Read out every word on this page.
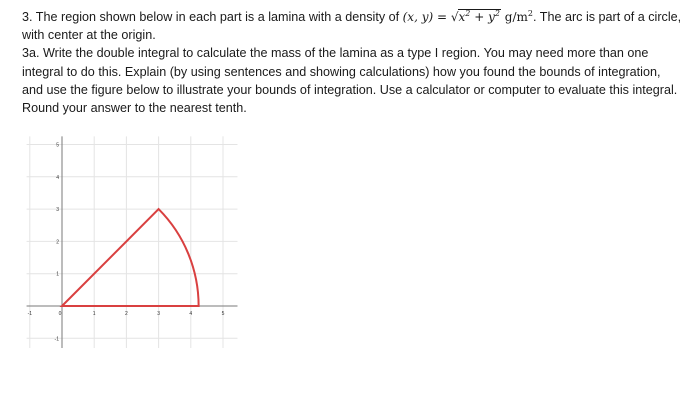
3. The region shown below in each part is a lamina with a density of (x, $y) = √x^2 + y^2$ $g/m^2$. The arc is part of a circle, with center at the origin.

3a. Write the double integral to calculate the mass of the lamina as a type I region. You may need more than one integral to do this. Explain (by using sentences and showing calculations) how you found the bounds of integration, and use the figure below to illustrate your bounds of integration. Use a calculator or computer to evaluate this integral. Round your answer to the nearest tenth.

-1	0	1	2	3	4	5
5
4
3
2
1
-1
